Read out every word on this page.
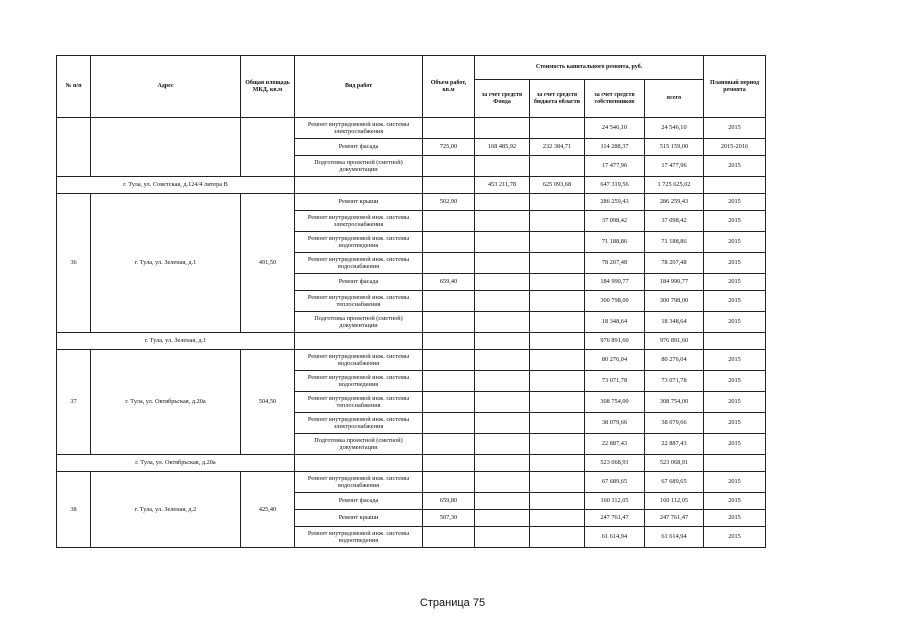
№ п/п	Адрес	Общая площадь МКД, кв.м	Вид работ	Объем работ, кв.м	Стоимость капитального ремонта, руб.				Плановый период ремонта
					за счет средств Фонда	за счет средств бюджета области	за счет средств собственников	всего	
			Ремонт внутридомовой инж. системы электроснабжения				24 546,10	24 546,10	2015
			Ремонт фасада	725,00	168 485,92	232 384,71	114 288,37	515 159,00	2015-2016
			Подготовка проектной (сметной) документации				17 477,96	17 477,96	2015
г. Тула, ул. Советская, д.124/4 литера В					453 211,78	625 093,68	647 319,56	1 725 625,02	
36	г. Тула, ул. Зеленая, д.1	491,50	Ремонт крыши	502,90			286 259,43	286 259,43	2015
			Ремонт внутридомовой инж. системы электроснабжения				37 098,42	37 098,42	2015
			Ремонт внутридомовой инж. системы водоотведения				71 188,86	71 188,86	2015
			Ремонт внутридомовой инж. системы водоснабжения				78 207,48	78 207,48	2015
			Ремонт фасада	659,40			184 990,77	184 990,77	2015
			Ремонт внутридомовой инж. системы теплоснабжения				300 798,00	300 798,00	2015
			Подготовка проектной (сметной) документации				18 348,64	18 348,64	2015
г. Тула, ул. Зеленая, д.1							976 891,60	976 891,60	
37	г. Тула, ул. Октябрьская, д.20а	504,50	Ремонт внутридомовой инж. системы водоснабжения				80 276,04	80 276,04	2015
			Ремонт внутридомовой инж. системы водоотведения				73 071,78	73 071,78	2015
			Ремонт внутридомовой инж. системы теплоснабжения				308 754,00	308 754,00	2015
			Ремонт внутридомовой инж. системы электроснабжения				38 079,66	38 079,66	2015
			Подготовка проектной (сметной) документации				22 887,43	22 887,43	2015
г. Тула, ул. Октябрьская, д.20а							523 068,91	523 068,91	
38	г. Тула, ул. Зеленая, д.2	425,40	Ремонт внутридомовой инж. системы водоснабжения				67 689,65	67 689,65	2015
			Ремонт фасада	659,80			160 112,05	160 112,05	2015
			Ремонт крыши	507,30			247 761,47	247 761,47	2015
			Ремонт внутридомовой инж. системы водоотведения				61 614,94	61 614,94	2015
Страница 75
